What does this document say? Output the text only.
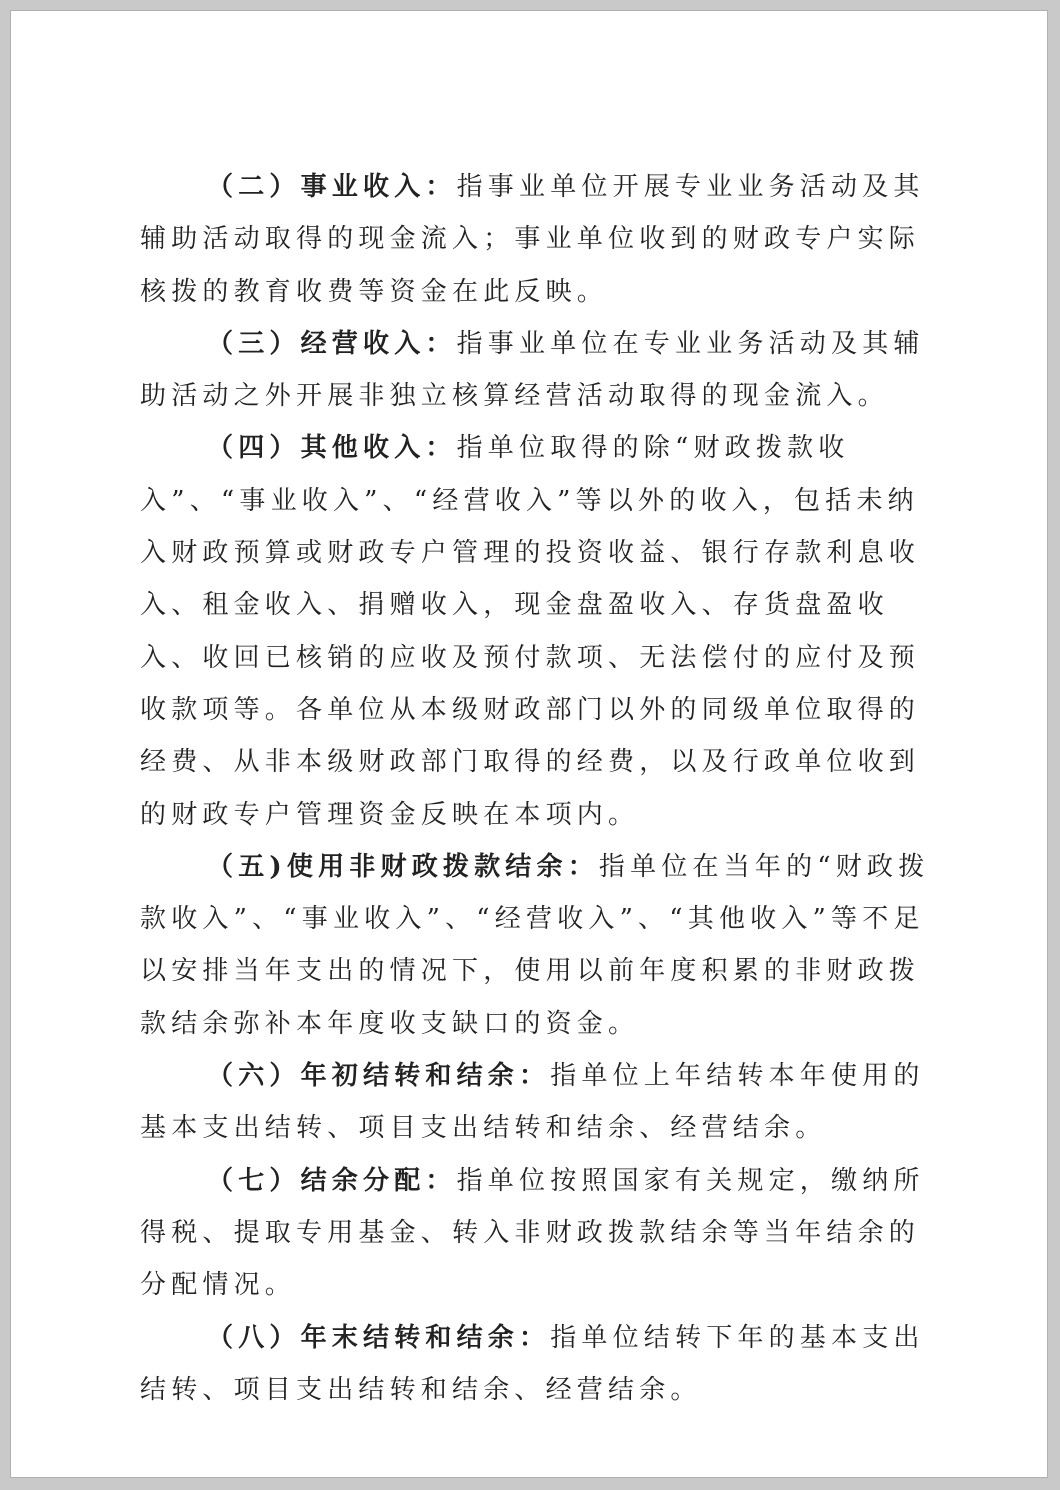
（二）事业收入：指事业单位开展专业业务活动及其辅助活动取得的现金流入；事业单位收到的财政专户实际核拨的教育收费等资金在此反映。

（三）经营收入：指事业单位在专业业务活动及其辅助活动之外开展非独立核算经营活动取得的现金流入。

（四）其他收入：指单位取得的除“财政拨款收入”、“事业收入”、“经营收入”等以外的收入，包括未纳入财政预算或财政专户管理的投资收益、银行存款利息收入、租金收入、捐赠收入，现金盘盈收入、存货盘盈收入、收回已核销的应收及预付款项、无法偿付的应付及预收款项等。各单位从本级财政部门以外的同级单位取得的经费、从非本级财政部门取得的经费，以及行政单位收到的财政专户管理资金反映在本项内。

（五)使用非财政拨款结余：指单位在当年的“财政拨款收入”、“事业收入”、“经营收入”、“其他收入”等不足以安排当年支出的情况下，使用以前年度积累的非财政拨款结余弥补本年度收支缺口的资金。

（六）年初结转和结余：指单位上年结转本年使用的基本支出结转、项目支出结转和结余、经营结余。

（七）结余分配：指单位按照国家有关规定，缴纳所得税、提取专用基金、转入非财政拨款结余等当年结余的分配情况。

（八）年末结转和结余：指单位结转下年的基本支出结转、项目支出结转和结余、经营结余。
